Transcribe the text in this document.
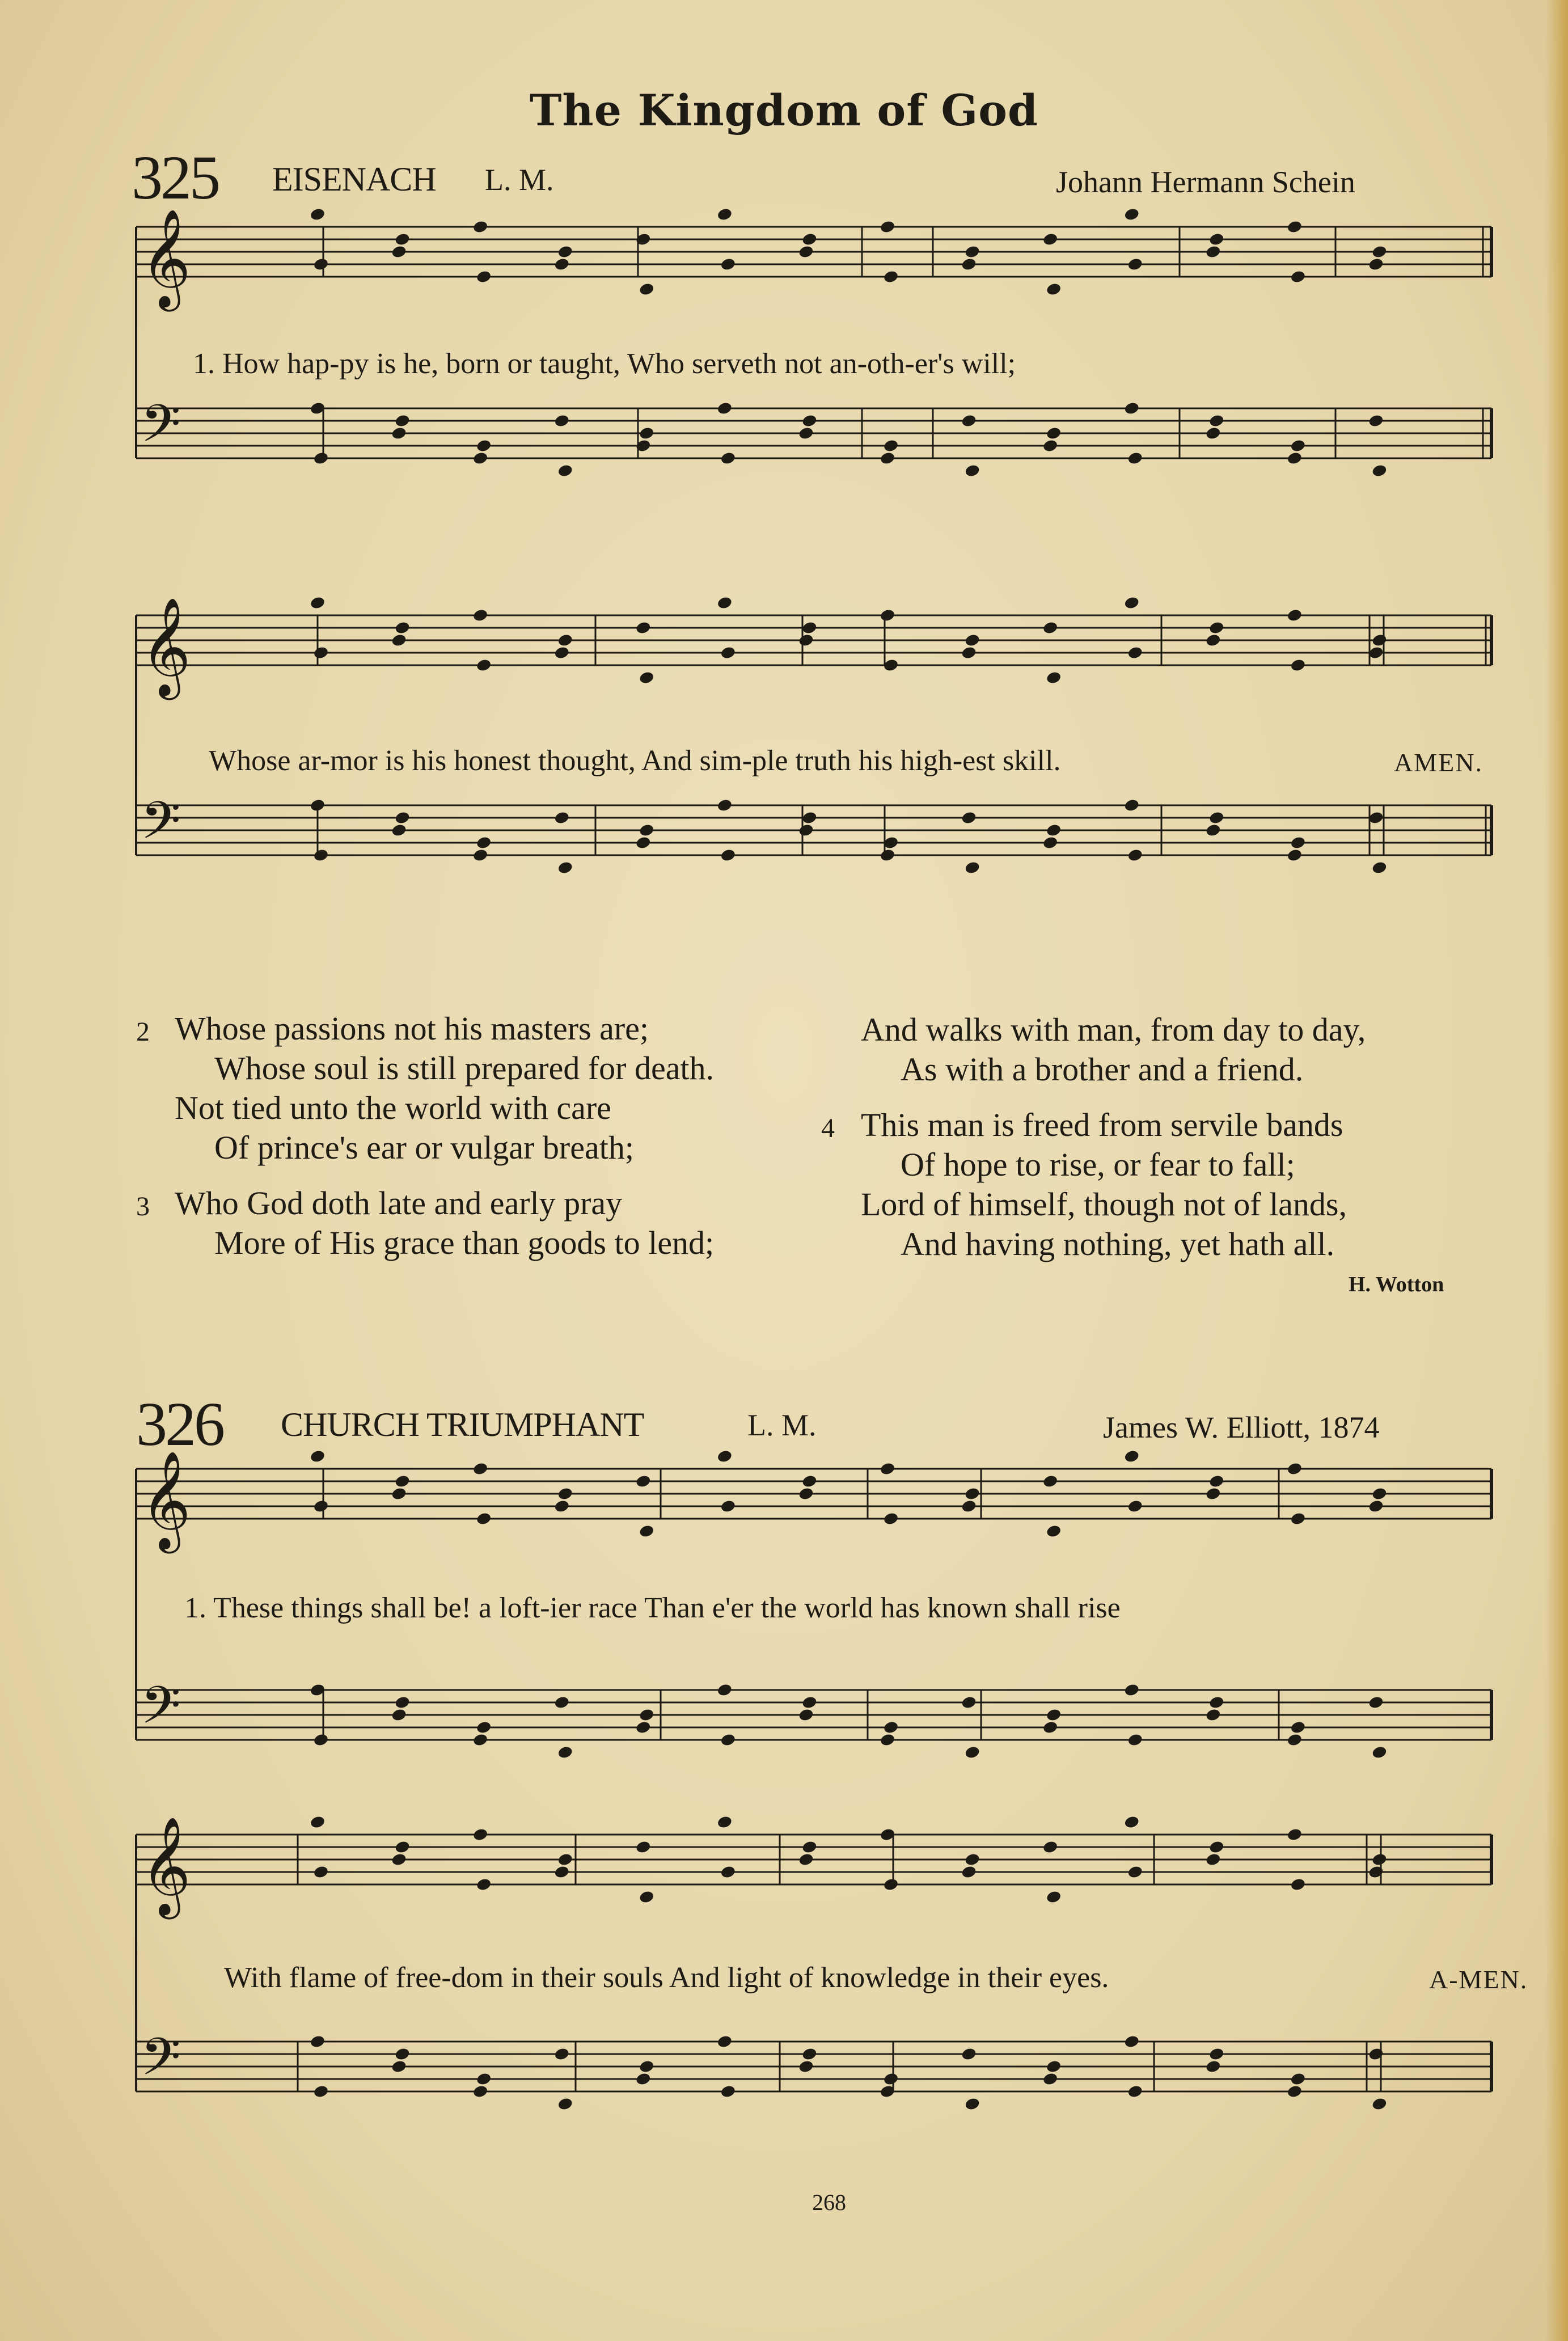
𝄞
𝄢
𝄞
𝄢
𝄞
𝄢
𝄞
𝄢
The Kingdom of God
325 EISENACH L. M.	Johann Hermann Schein
1. How hap-py is he, born or taught, Who serveth not an-oth-er's will;
Whose ar-mor is his honest thought, And sim-ple truth his high-est skill.	AMEN.
2 Whose passions not his masters are;
Whose soul is still prepared for death.
Not tied unto the world with care
Of prince's ear or vulgar breath;
3 Who God doth late and early pray
More of His grace than goods to lend;
And walks with man, from day to day,
As with a brother and a friend.
4 This man is freed from servile bands
Of hope to rise, or fear to fall;
Lord of himself, though not of lands,
And having nothing, yet hath all.
H. Wotton
326 CHURCH TRIUMPHANT	L. M.	James W. Elliott, 1874
1. These things shall be! a loft-ier race Than e'er the world has known shall rise
With flame of free-dom in their souls And light of knowledge in their eyes.	A-MEN.
268
